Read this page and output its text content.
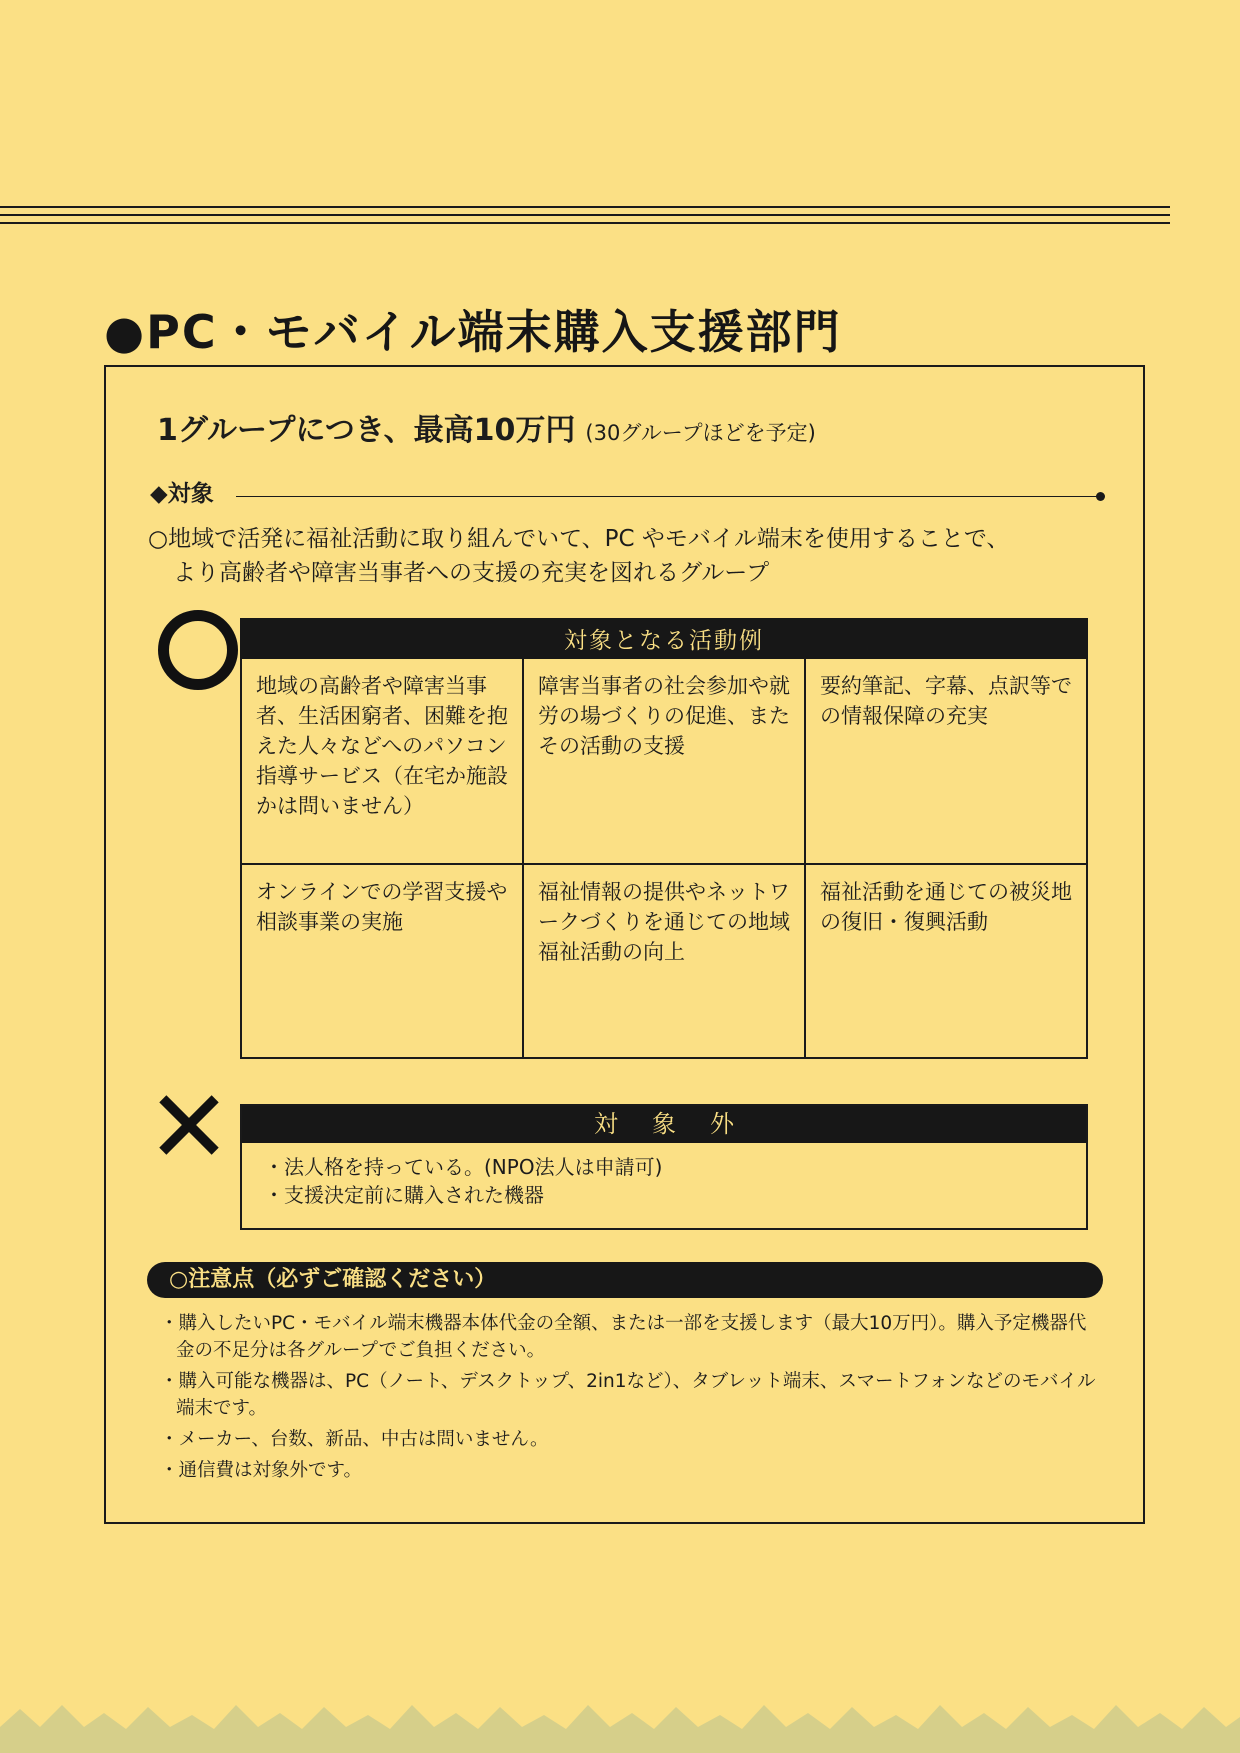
●PC・モバイル端末購入支援部門
1グループにつき、最高10万円 (30グループほどを予定)
◆対象

○地域で活発に福祉活動に取り組んでいて、PC やモバイル端末を使用することで、
より高齢者や障害当事者への支援の充実を図れるグループ

対象となる活動例		
地域の高齢者や障害当事者、生活困窮者、困難を抱えた人々などへのパソコン指導サービス（在宅か施設かは問いません）	障害当事者の社会参加や就労の場づくりの促進、またその活動の支援	要約筆記、字幕、点訳等での情報保障の充実
オンラインでの学習支援や相談事業の実施	福祉情報の提供やネットワークづくりを通じての地域福祉活動の向上	福祉活動を通じての被災地の復旧・復興活動
対象外
・ 法人格を持っている。(NPO法人は申請可)
・ 支援決定前に購入された機器
○注意点（必ずご確認ください）
・ 購入したいPC・モバイル端末機器本体代金の全額、または一部を支援します（最大10万円）。購入予定機器代金の不足分は各グループでご負担ください。
・ 購入可能な機器は、PC（ノート、デスクトップ、2in1など）、タブレット端末、スマートフォンなどのモバイル端末です。
・ メーカー、台数、新品、中古は問いません。
・ 通信費は対象外です。
